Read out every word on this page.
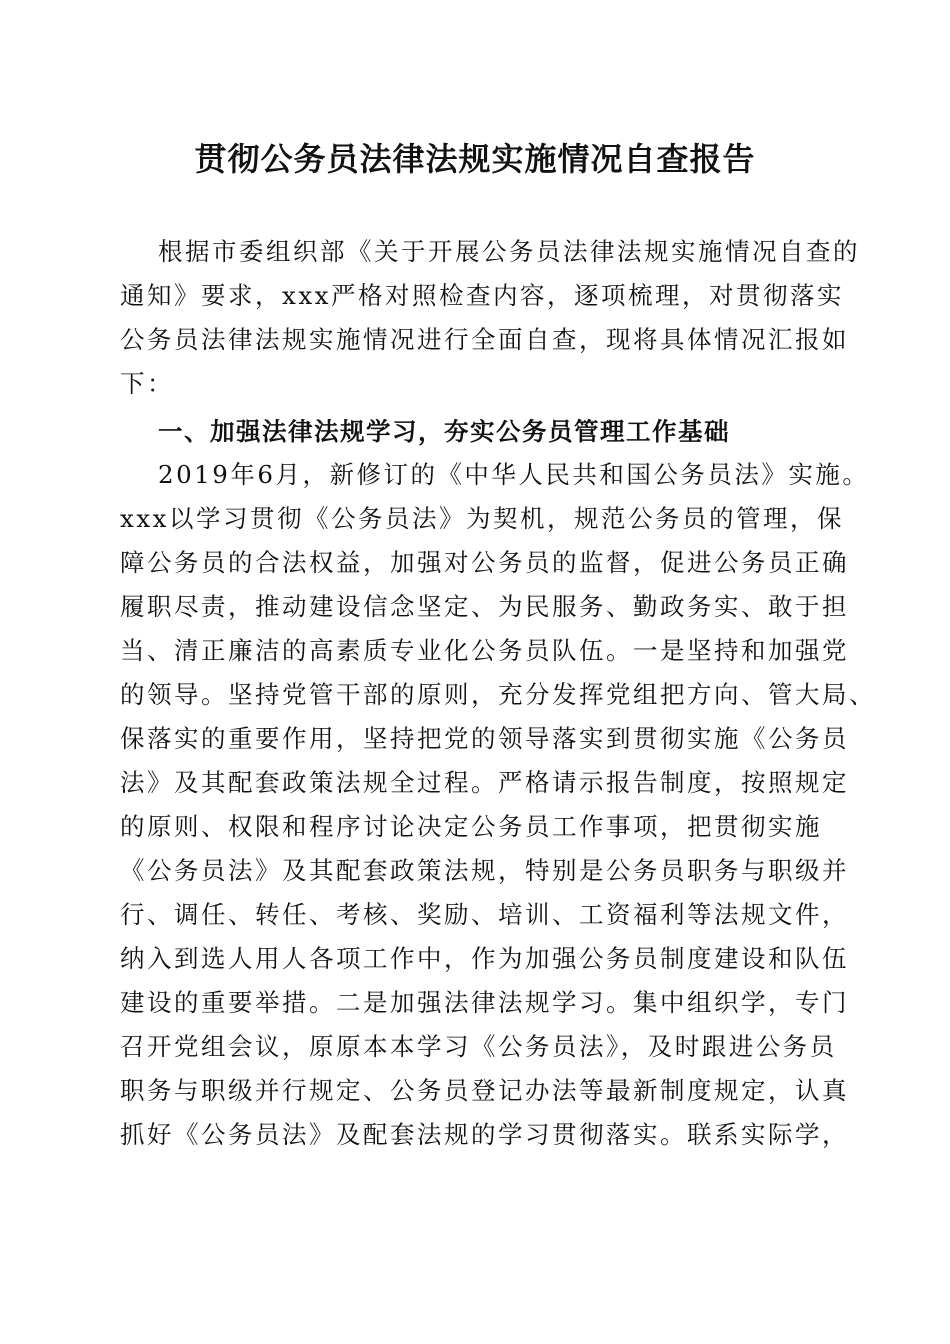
贯彻公务员法律法规实施情况自查报告

根据市委组织部《关于开展公务员法律法规实施情况自查的

通知》要求，xxx严格对照检查内容，逐项梳理，对贯彻落实

公务员法律法规实施情况进行全面自查，现将具体情况汇报如

下：

一、加强法律法规学习，夯实公务员管理工作基础

2019年6月，新修订的《中华人民共和国公务员法》实施。

xxx以学习贯彻《公务员法》为契机，规范公务员的管理，保

障公务员的合法权益，加强对公务员的监督，促进公务员正确

履职尽责，推动建设信念坚定、为民服务、勤政务实、敢于担

当、清正廉洁的高素质专业化公务员队伍。一是坚持和加强党

的领导。坚持党管干部的原则，充分发挥党组把方向、管大局、

保落实的重要作用，坚持把党的领导落实到贯彻实施《公务员

法》及其配套政策法规全过程。严格请示报告制度，按照规定

的原则、权限和程序讨论决定公务员工作事项，把贯彻实施

《公务员法》及其配套政策法规，特别是公务员职务与职级并

行、调任、转任、考核、奖励、培训、工资福利等法规文件，

纳入到选人用人各项工作中，作为加强公务员制度建设和队伍

建设的重要举措。二是加强法律法规学习。集中组织学，专门

召开党组会议，原原本本学习《公务员法》，及时跟进公务员

职务与职级并行规定、公务员登记办法等最新制度规定，认真

抓好《公务员法》及配套法规的学习贯彻落实。联系实际学，
